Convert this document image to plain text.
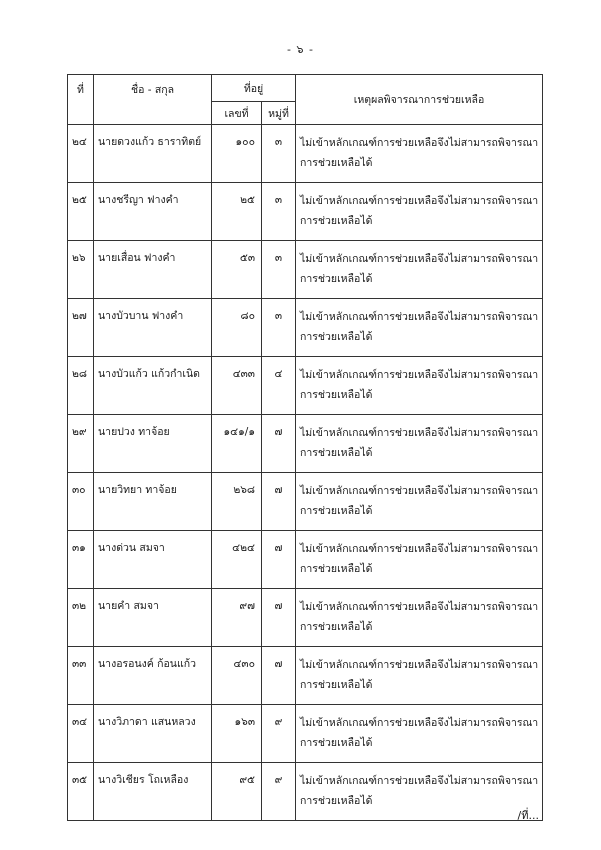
- ๖ -
ที่	ชื่อ - สกุล	ที่อยู่		เหตุผลพิจารณาการช่วยเหลือ
		เลขที่	หมู่ที่	
๒๔	นายดวงแก้ว ธาราทิตย์	๑๐๐	๓	ไม่เข้าหลักเกณฑ์การช่วยเหลือจึงไม่สามารถพิจารณาการช่วยเหลือได้
๒๕	นางชรีญา ฟางคำ	๒๕	๓	ไม่เข้าหลักเกณฑ์การช่วยเหลือจึงไม่สามารถพิจารณาการช่วยเหลือได้
๒๖	นายเสื่อน ฟางคำ	๕๓	๓	ไม่เข้าหลักเกณฑ์การช่วยเหลือจึงไม่สามารถพิจารณาการช่วยเหลือได้
๒๗	นางบัวบาน ฟางคำ	๘๐	๓	ไม่เข้าหลักเกณฑ์การช่วยเหลือจึงไม่สามารถพิจารณาการช่วยเหลือได้
๒๘	นางบัวแก้ว แก้วกำเนิด	๔๓๓	๔	ไม่เข้าหลักเกณฑ์การช่วยเหลือจึงไม่สามารถพิจารณาการช่วยเหลือได้
๒๙	นายปวง ทาจ้อย	๑๔๑/๑	๗	ไม่เข้าหลักเกณฑ์การช่วยเหลือจึงไม่สามารถพิจารณาการช่วยเหลือได้
๓๐	นายวิทยา ทาจ้อย	๒๖๘	๗	ไม่เข้าหลักเกณฑ์การช่วยเหลือจึงไม่สามารถพิจารณาการช่วยเหลือได้
๓๑	นางด่วน สมจา	๔๒๔	๗	ไม่เข้าหลักเกณฑ์การช่วยเหลือจึงไม่สามารถพิจารณาการช่วยเหลือได้
๓๒	นายคำ สมจา	๙๗	๗	ไม่เข้าหลักเกณฑ์การช่วยเหลือจึงไม่สามารถพิจารณาการช่วยเหลือได้
๓๓	นางอรอนงค์ ก้อนแก้ว	๔๓๐	๗	ไม่เข้าหลักเกณฑ์การช่วยเหลือจึงไม่สามารถพิจารณาการช่วยเหลือได้
๓๔	นางวิภาดา แสนหลวง	๑๖๓	๙	ไม่เข้าหลักเกณฑ์การช่วยเหลือจึงไม่สามารถพิจารณาการช่วยเหลือได้
๓๕	นางวิเชียร โถเหลือง	๙๕	๙	ไม่เข้าหลักเกณฑ์การช่วยเหลือจึงไม่สามารถพิจารณาการช่วยเหลือได้
/ที่...
